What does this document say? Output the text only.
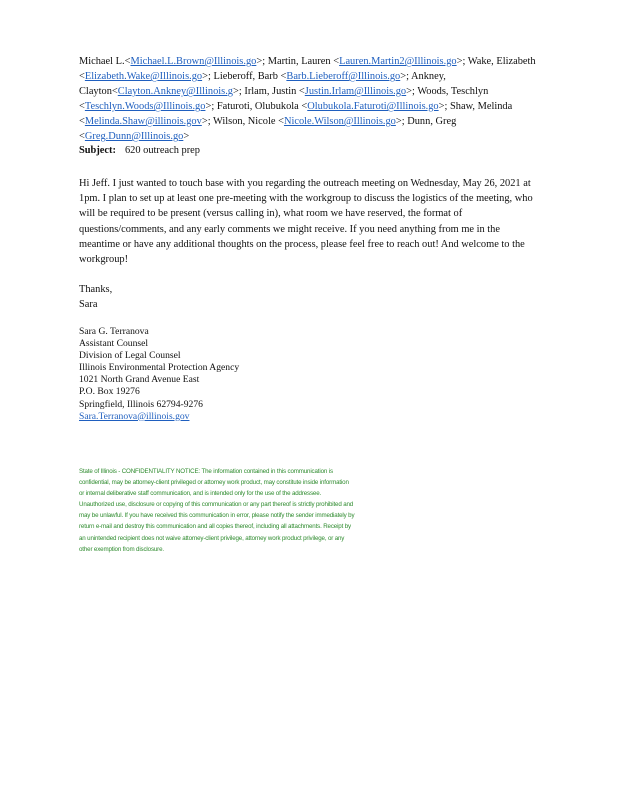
Michael L.<Michael.L.Brown@Illinois.go>; Martin, Lauren <Lauren.Martin2@Illinois.go>; Wake, Elizabeth <Elizabeth.Wake@Illinois.go>; Lieberoff, Barb <Barb.Lieberoff@Illinois.go>; Ankney, Clayton<Clayton.Ankney@Illinois.g>; Irlam, Justin <Justin.Irlam@Illinois.go>; Woods, Teschlyn <Teschlyn.Woods@Illinois.go>; Faturoti, Olubukola <Olubukola.Faturoti@Illinois.go>; Shaw, Melinda <Melinda.Shaw@illinois.gov>; Wilson, Nicole <Nicole.Wilson@Illinois.go>; Dunn, Greg <Greg.Dunn@Illinois.go>
Subject: 620 outreach prep
Hi Jeff. I just wanted to touch base with you regarding the outreach meeting on Wednesday, May 26, 2021 at 1pm. I plan to set up at least one pre-meeting with the workgroup to discuss the logistics of the meeting, who will be required to be present (versus calling in), what room we have reserved, the format of questions/comments, and any early comments we might receive. If you need anything from me in the meantime or have any additional thoughts on the process, please feel free to reach out! And welcome to the workgroup!
Thanks,
Sara
Sara G. Terranova
Assistant Counsel
Division of Legal Counsel
Illinois Environmental Protection Agency
1021 North Grand Avenue East
P.O. Box 19276
Springfield, Illinois 62794-9276
Sara.Terranova@illinois.gov
State of Illinois - CONFIDENTIALITY NOTICE: The information contained in this communication is confidential, may be attorney-client privileged or attorney work product, may constitute inside information or internal deliberative staff communication, and is intended only for the use of the addressee. Unauthorized use, disclosure or copying of this communication or any part thereof is strictly prohibited and may be unlawful. If you have received this communication in error, please notify the sender immediately by return e-mail and destroy this communication and all copies thereof, including all attachments. Receipt by an unintended recipient does not waive attorney-client privilege, attorney work product privilege, or any other exemption from disclosure.
